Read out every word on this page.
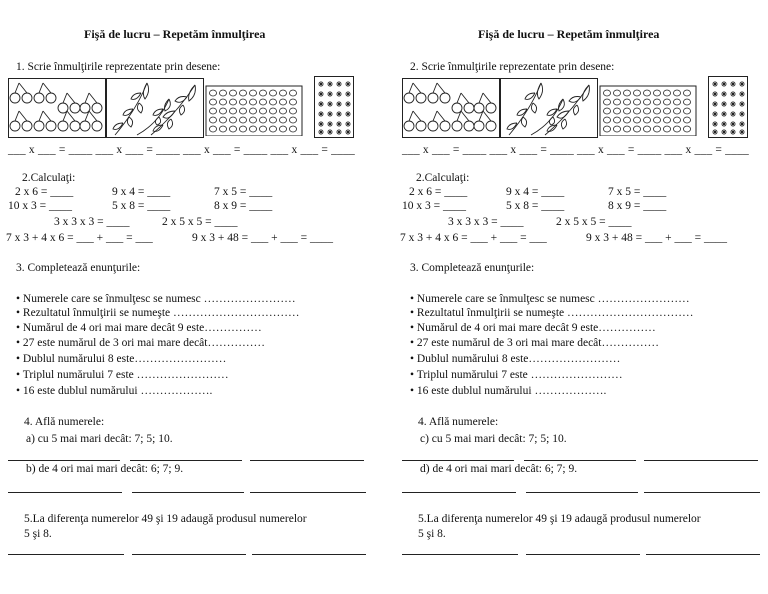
Fişă de lucru – Repetăm înmulţirea
1. Scrie înmulţirile reprezentate prin desene:
___ x ___ = ____ ___ x ___ = ____ ___ x ___ = ____ ___ x ___ = ____
2.Calculaţi:
2 x 6 = ____	9 x 4 = ____	7 x 5 = ____
10 x 3 = ____	5 x 8 = ____	8 x 9 = ____
3 x 3 x 3 = ____	2 x 5 x 5 = ____
7 x 3 + 4 x 6 = ___ + ___ = ___	9 x 3 + 48 = ___ + ___ = ____
3. Completează enunţurile:
• Numerele care se înmulţesc se numesc ……………………
• Rezultatul înmulţirii se numeşte ……………………………
• Numărul de 4 ori mai mare decât 9 este……………
• 27 este numărul de 3 ori mai mare decât……………
• Dublul numărului 8 este……………………
• Triplul numărului 7 este ……………………
• 16 este dublul numărului ……………….
4. Află numerele:
a) cu 5 mai mari decât: 7; 5; 10.
b) de 4 ori mai mari decât: 6; 7; 9.
5.La diferenţa numerelor 49 şi 19 adaugă produsul numerelor
5 şi 8.
Fişă de lucru – Repetăm înmulţirea
2. Scrie înmulţirile reprezentate prin desene:
___ x ___ = ____ ___ x ___ = ____ ___ x ___ = ____ ___ x ___ = ____
2.Calculaţi:
2 x 6 = ____	9 x 4 = ____	7 x 5 = ____
10 x 3 = ____	5 x 8 = ____	8 x 9 = ____
3 x 3 x 3 = ____	2 x 5 x 5 = ____
7 x 3 + 4 x 6 = ___ + ___ = ___	9 x 3 + 48 = ___ + ___ = ____
3. Completează enunţurile:
• Numerele care se înmulţesc se numesc ……………………
• Rezultatul înmulţirii se numeşte ……………………………
• Numărul de 4 ori mai mare decât 9 este……………
• 27 este numărul de 3 ori mai mare decât……………
• Dublul numărului 8 este……………………
• Triplul numărului 7 este ……………………
• 16 este dublul numărului ……………….
4. Află numerele:
c) cu 5 mai mari decât: 7; 5; 10.
d) de 4 ori mai mari decât: 6; 7; 9.
5.La diferenţa numerelor 49 şi 19 adaugă produsul numerelor
5 şi 8.
